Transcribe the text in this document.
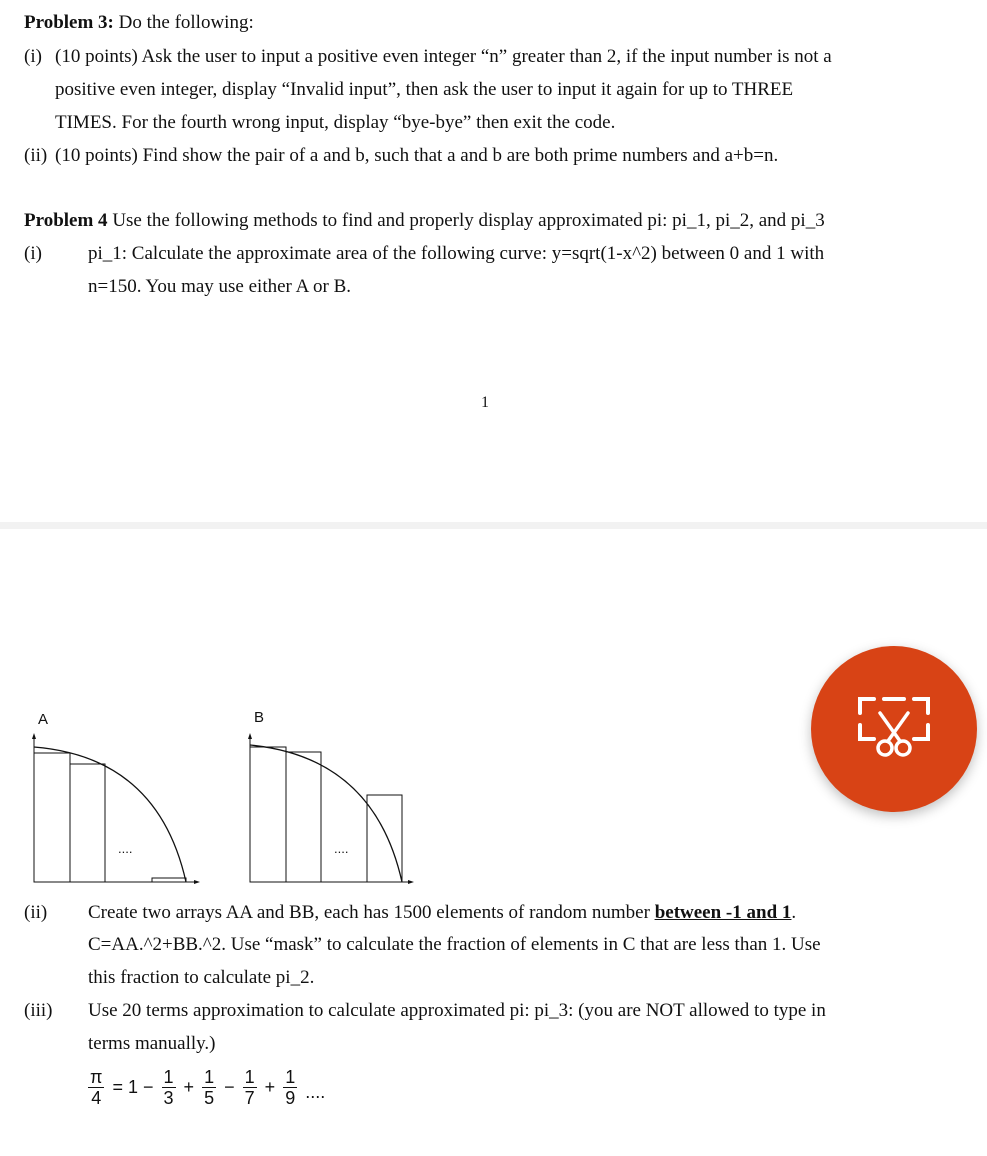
Problem 3: Do the following:
(i) (10 points) Ask the user to input a positive even integer “n” greater than 2, if the input number is not a
positive even integer, display “Invalid input”, then ask the user to input it again for up to THREE
TIMES. For the fourth wrong input, display “bye-bye” then exit the code.
(ii) (10 points) Find show the pair of a and b, such that a and b are both prime numbers and a+b=n.
Problem 4 Use the following methods to find and properly display approximated pi: pi_1, pi_2, and pi_3
(i) pi_1: Calculate the approximate area of the following curve: y=sqrt(1-x^2) between 0 and 1 with
n=150. You may use either A or B.
1
A
....
B
....
(ii) Create two arrays AA and BB, each has 1500 elements of random number between -1 and 1.
C=AA.^2+BB.^2. Use “mask” to calculate the fraction of elements in C that are less than 1. Use
this fraction to calculate pi_2.
(iii) Use 20 terms approximation to calculate approximated pi: pi_3: (you are NOT allowed to type in
terms manually.)
$\frac{\pi}{4} = 1 - \frac{1}{3} + \frac{1}{5} - \frac{1}{7} + \frac{1}{9}$ ....
